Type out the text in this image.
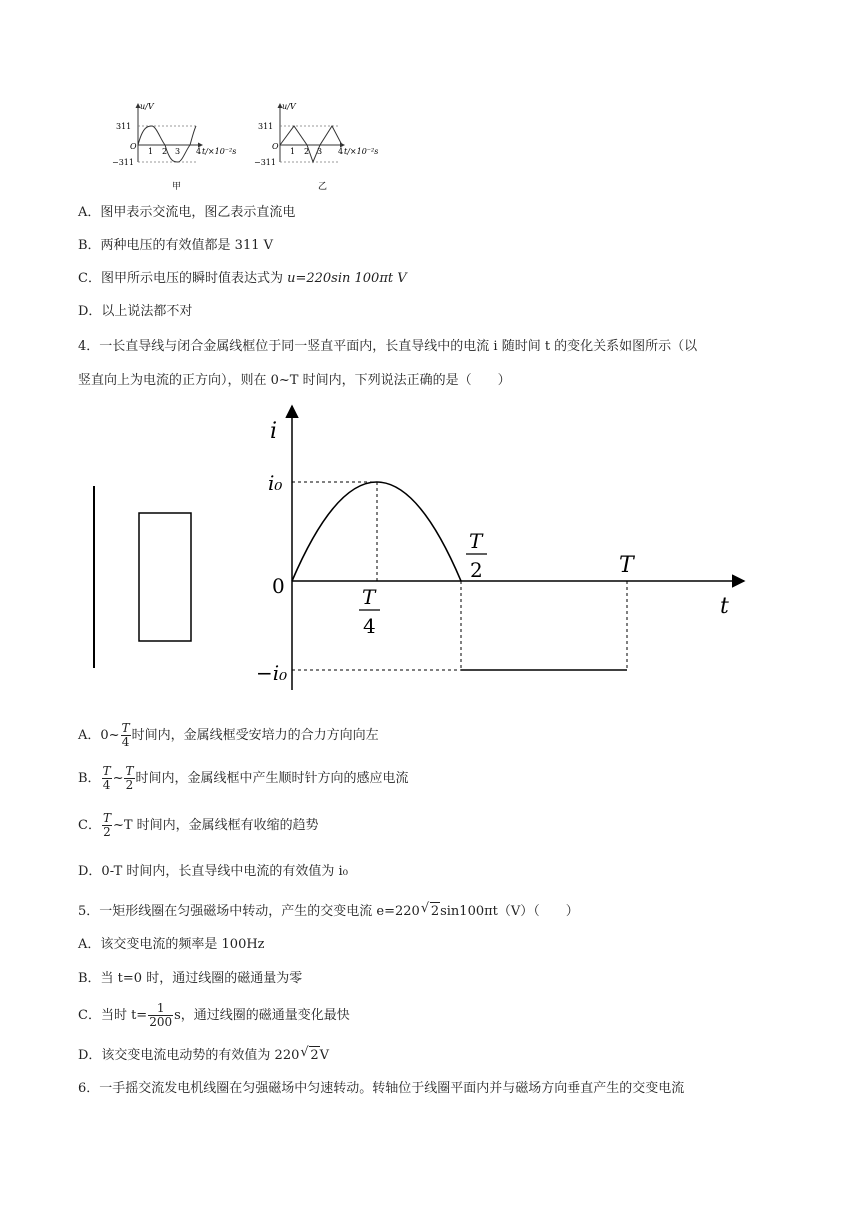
u/V
311
O
−311
1 2 3 4 t/×10⁻²s
甲
u/V
311
O
−311
1 2 3 4 t/×10⁻²s
乙
A．图甲表示交流电，图乙表示直流电
B．两种电压的有效值都是 311 V
C．图甲所示电压的瞬时值表达式为 u=220sin 100πt V
D．以上说法都不对
4．一长直导线与闭合金属线框位于同一竖直平面内，长直导线中的电流 i 随时间 t 的变化关系如图所示（以
竖直向上为电流的正方向），则在 0~T 时间内，下列说法正确的是（　　）
i
t
i₀
−i₀
0	T
4
T
2	T
A．0~ $\frac{T}{4}$ 时间内，金属线框受安培力的合力方向向左
B． $\frac{T}{4}$ ~ $\frac{T}{2}$ 时间内，金属线框中产生顺时针方向的感应电流
C． $\frac{T}{2}$ ~T 时间内，金属线框有收缩的趋势
D．0-T 时间内，长直导线中电流的有效值为 i₀
5．一矩形线圈在匀强磁场中转动，产生的交变电流 e=220 √ 2sin100πt（V）（　　）
A．该交变电流的频率是 100Hz
B．当 t=0 时，通过线圈的磁通量为零
C．当时 $t= \frac{1}{200}$ s，通过线圈的磁通量变化最快
D．该交变电流电动势的有效值为 220 √ 2V
6．一手摇交流发电机线圈在匀强磁场中匀速转动。转轴位于线圈平面内并与磁场方向垂直产生的交变电流
